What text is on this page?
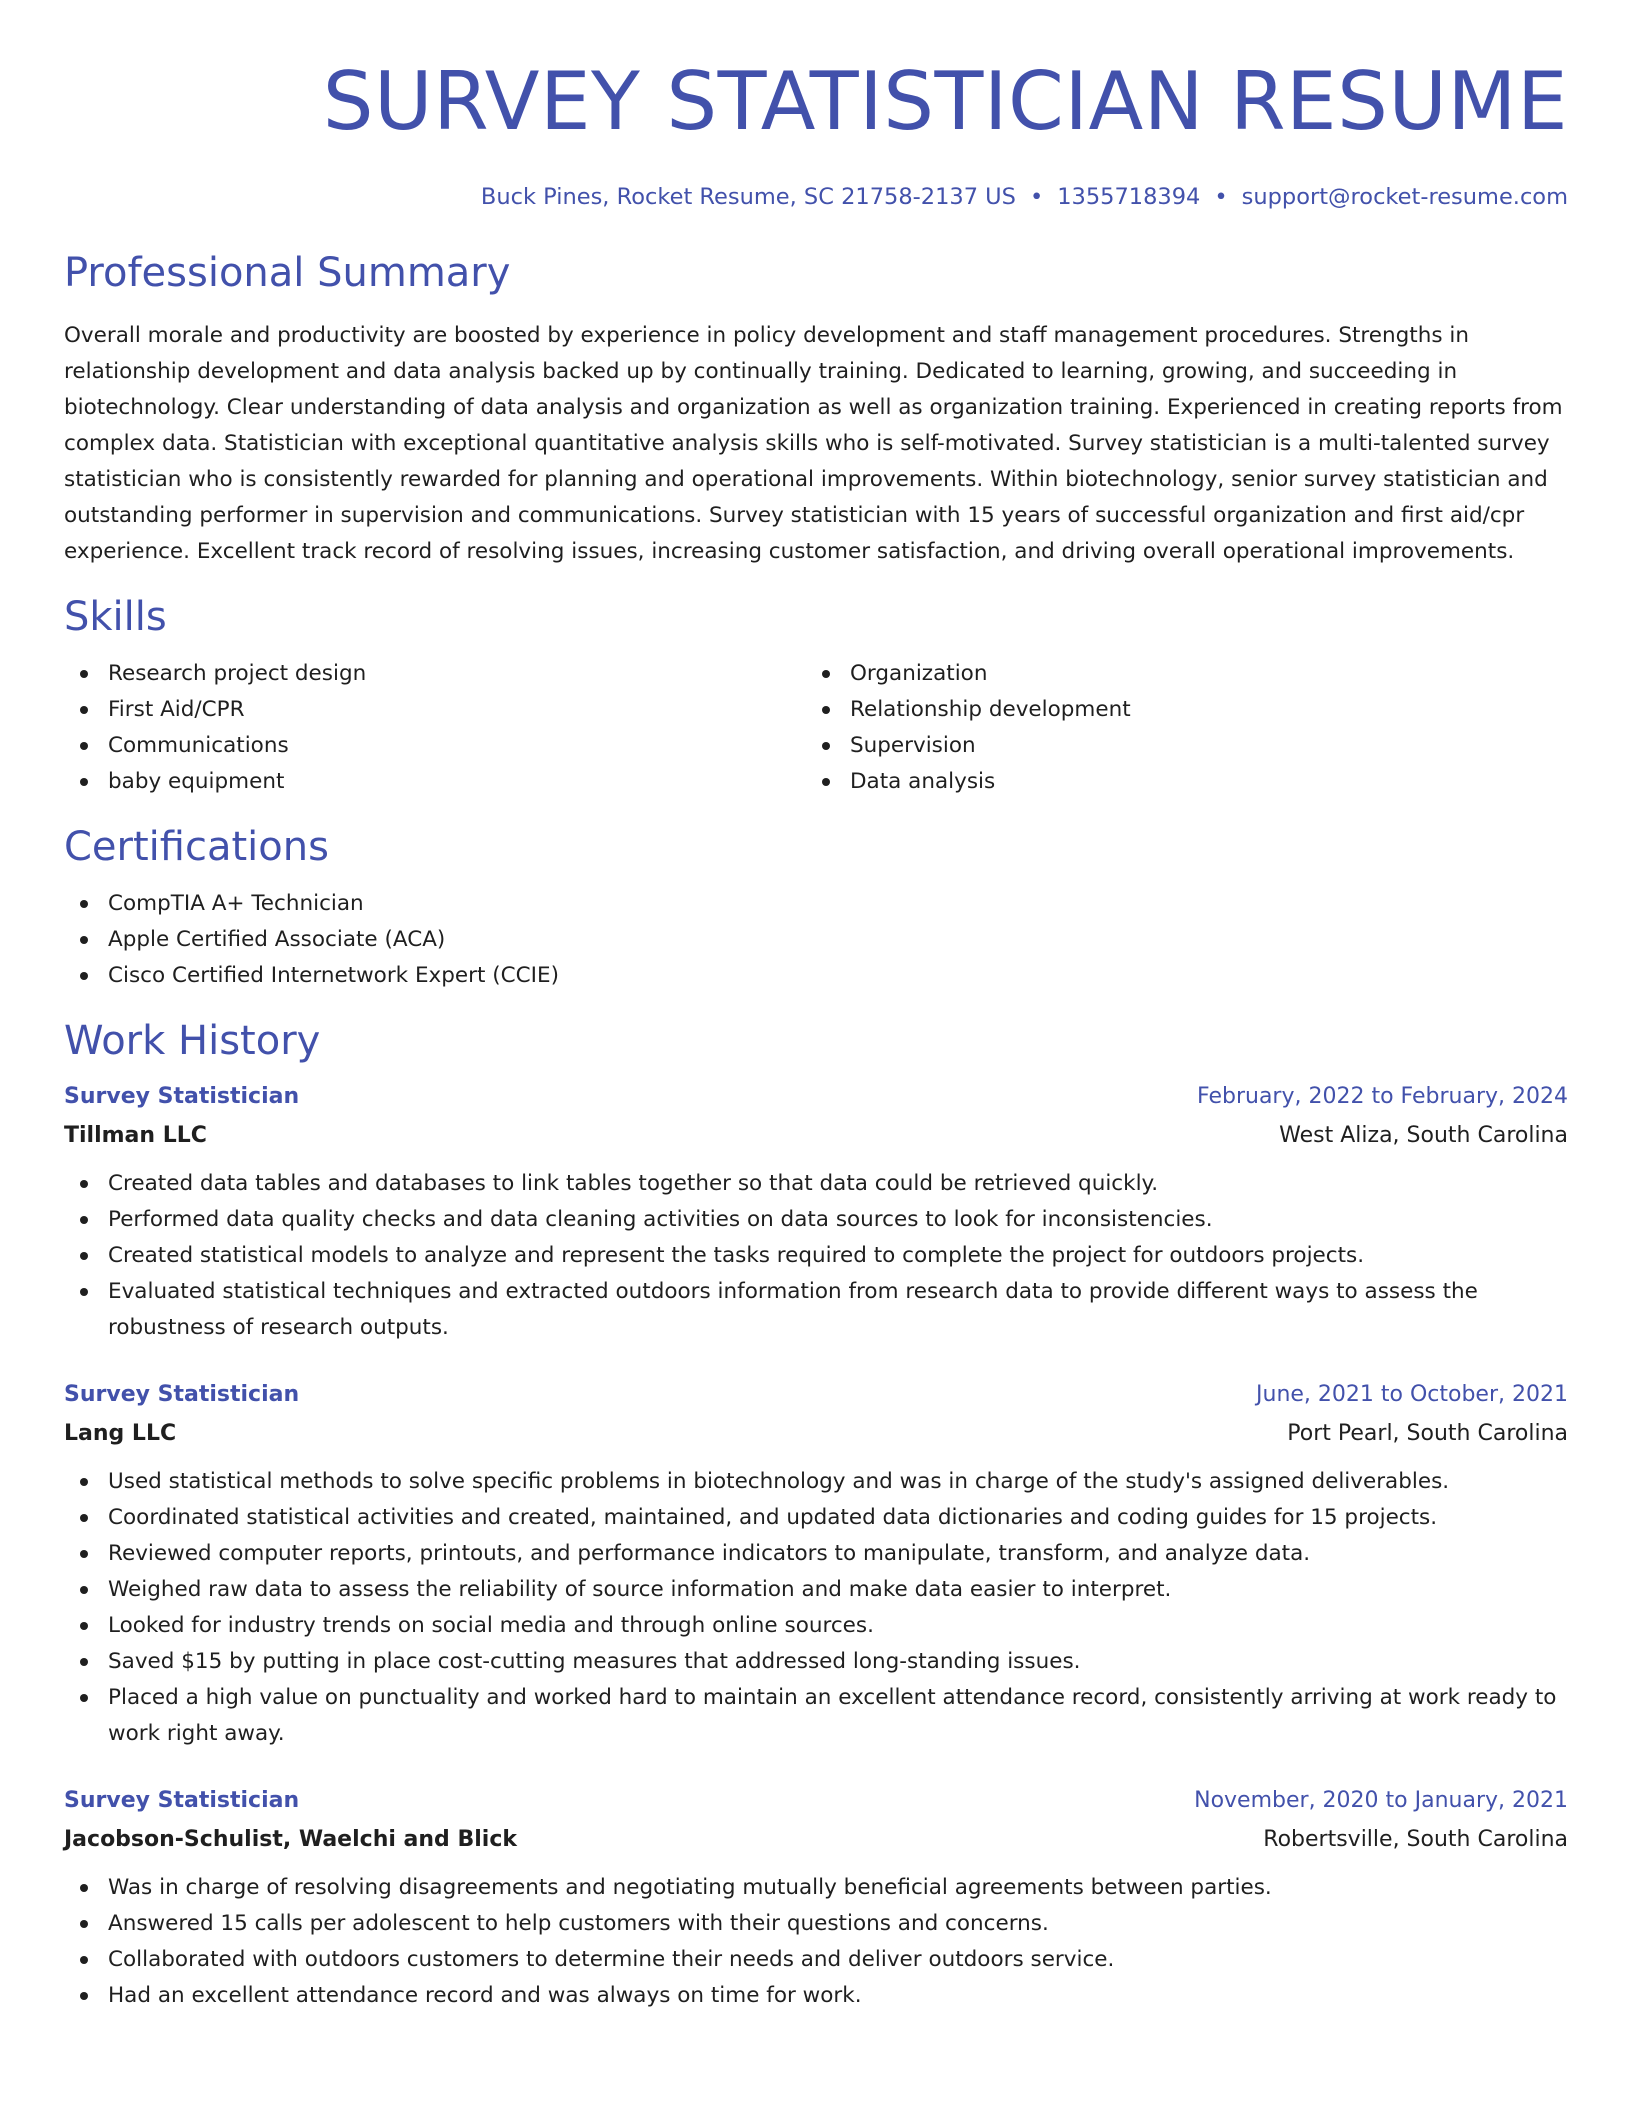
SURVEY STATISTICIAN RESUME
Buck Pines, Rocket Resume, SC 21758-2137 US • 1355718394 • support@rocket-resume.com
Professional Summary

Overall morale and productivity are boosted by experience in policy development and staff management procedures. Strengths in relationship development and data analysis backed up by continually training. Dedicated to learning, growing, and succeeding in biotechnology. Clear understanding of data analysis and organization as well as organization training. Experienced in creating reports from complex data. Statistician with exceptional quantitative analysis skills who is self-motivated. Survey statistician is a multi-talented survey statistician who is consistently rewarded for planning and operational improvements. Within biotechnology, senior survey statistician and outstanding performer in supervision and communications. Survey statistician with 15 years of successful organization and first aid/cpr experience. Excellent track record of resolving issues, increasing customer satisfaction, and driving overall operational improvements.

Skills
Research project design
First Aid/CPR
Communications
baby equipment
Organization
Relationship development
Supervision
Data analysis
Certifications
CompTIA A+ Technician
Apple Certified Associate (ACA)
Cisco Certified Internetwork Expert (CCIE)
Work History
Survey Statistician	February, 2022 to February, 2024
Tillman LLC	West Aliza, South Carolina
Created data tables and databases to link tables together so that data could be retrieved quickly.
Performed data quality checks and data cleaning activities on data sources to look for inconsistencies.
Created statistical models to analyze and represent the tasks required to complete the project for outdoors projects.
Evaluated statistical techniques and extracted outdoors information from research data to provide different ways to assess the robustness of research outputs.
Survey Statistician	June, 2021 to October, 2021
Lang LLC	Port Pearl, South Carolina
Used statistical methods to solve specific problems in biotechnology and was in charge of the study's assigned deliverables.
Coordinated statistical activities and created, maintained, and updated data dictionaries and coding guides for 15 projects.
Reviewed computer reports, printouts, and performance indicators to manipulate, transform, and analyze data.
Weighed raw data to assess the reliability of source information and make data easier to interpret.
Looked for industry trends on social media and through online sources.
Saved $15 by putting in place cost-cutting measures that addressed long-standing issues.
Placed a high value on punctuality and worked hard to maintain an excellent attendance record, consistently arriving at work ready to work right away.
Survey Statistician	November, 2020 to January, 2021
Jacobson-Schulist, Waelchi and Blick	Robertsville, South Carolina
Was in charge of resolving disagreements and negotiating mutually beneficial agreements between parties.
Answered 15 calls per adolescent to help customers with their questions and concerns.
Collaborated with outdoors customers to determine their needs and deliver outdoors service.
Had an excellent attendance record and was always on time for work.
